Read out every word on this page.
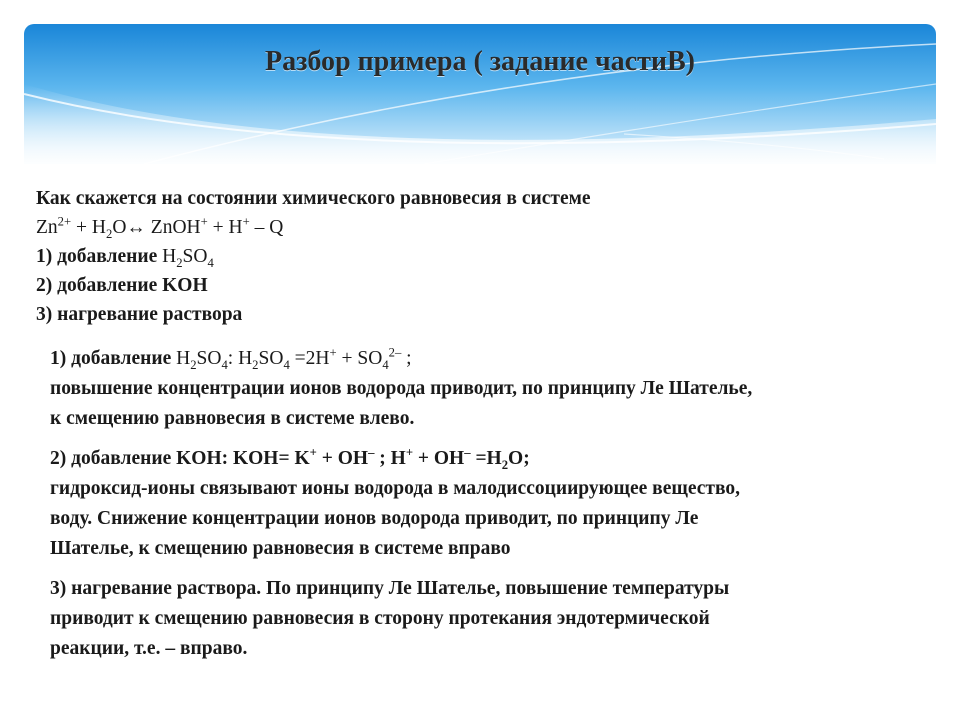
Разбор примера ( задание частиВ)
Как скажется на состоянии химического равновесия в системе
$Zn^{2+}$ + $H_2O\leftrightarrow$ ZnOH+ + H+ – Q
1) добавление $H_2SO_4$
2) добавление KOH
3) нагревание раствора
1) добавление $H_2SO_4$: $H_2SO_4 =2H^+ + SO_4^{2-}$ ;
повышение концентрации ионов водорода приводит, по принципу Ле Шателье,
к смещению равновесия в системе влево.
2) добавление KOH: KOH= K+ + OH– ; $H^+ + OH^- =H_2O$;
гидроксид-ионы связывают ионы водорода в малодиссоциирующее вещество,
воду. Снижение концентрации ионов водорода приводит, по принципу Ле
Шателье, к смещению равновесия в системе вправо
3) нагревание раствора. По принципу Ле Шателье, повышение температуры
приводит к смещению равновесия в сторону протекания эндотермической
реакции, т.е. – вправо.
